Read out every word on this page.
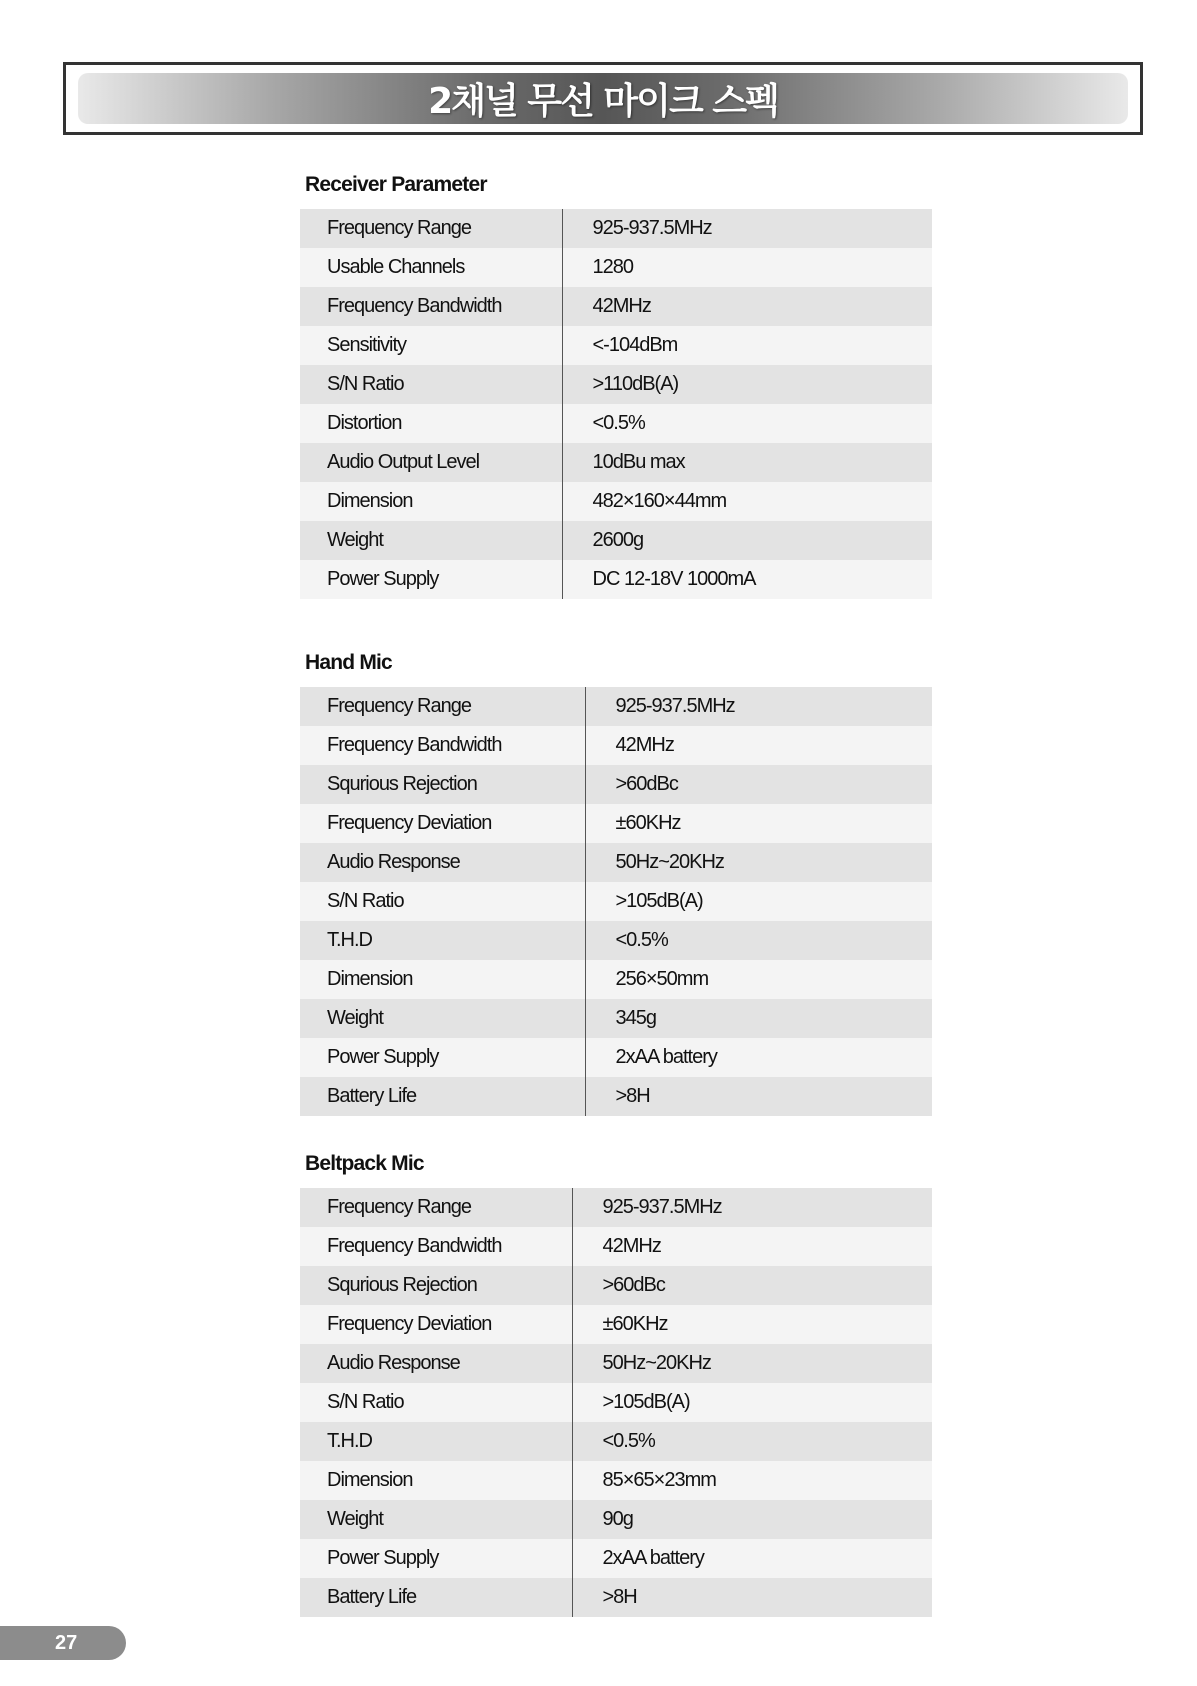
2채널 무선 마이크 스펙
Receiver Parameter
Frequency Range	925-937.5MHz
Usable Channels	1280
Frequency Bandwidth	42MHz
Sensitivity	<-104dBm
S/N Ratio	>110dB(A)
Distortion	<0.5%
Audio Output Level	10dBu max
Dimension	482×160×44mm
Weight	2600g
Power Supply	DC 12-18V 1000mA
Hand Mic
Frequency Range	925-937.5MHz
Frequency Bandwidth	42MHz
Squrious Rejection	>60dBc
Frequency Deviation	±60KHz
Audio Response	50Hz~20KHz
S/N Ratio	>105dB(A)
T.H.D	<0.5%
Dimension	256×50mm
Weight	345g
Power Supply	2xAA battery
Battery Life	>8H
Beltpack Mic
Frequency Range	925-937.5MHz
Frequency Bandwidth	42MHz
Squrious Rejection	>60dBc
Frequency Deviation	±60KHz
Audio Response	50Hz~20KHz
S/N Ratio	>105dB(A)
T.H.D	<0.5%
Dimension	85×65×23mm
Weight	90g
Power Supply	2xAA battery
Battery Life	>8H
27
